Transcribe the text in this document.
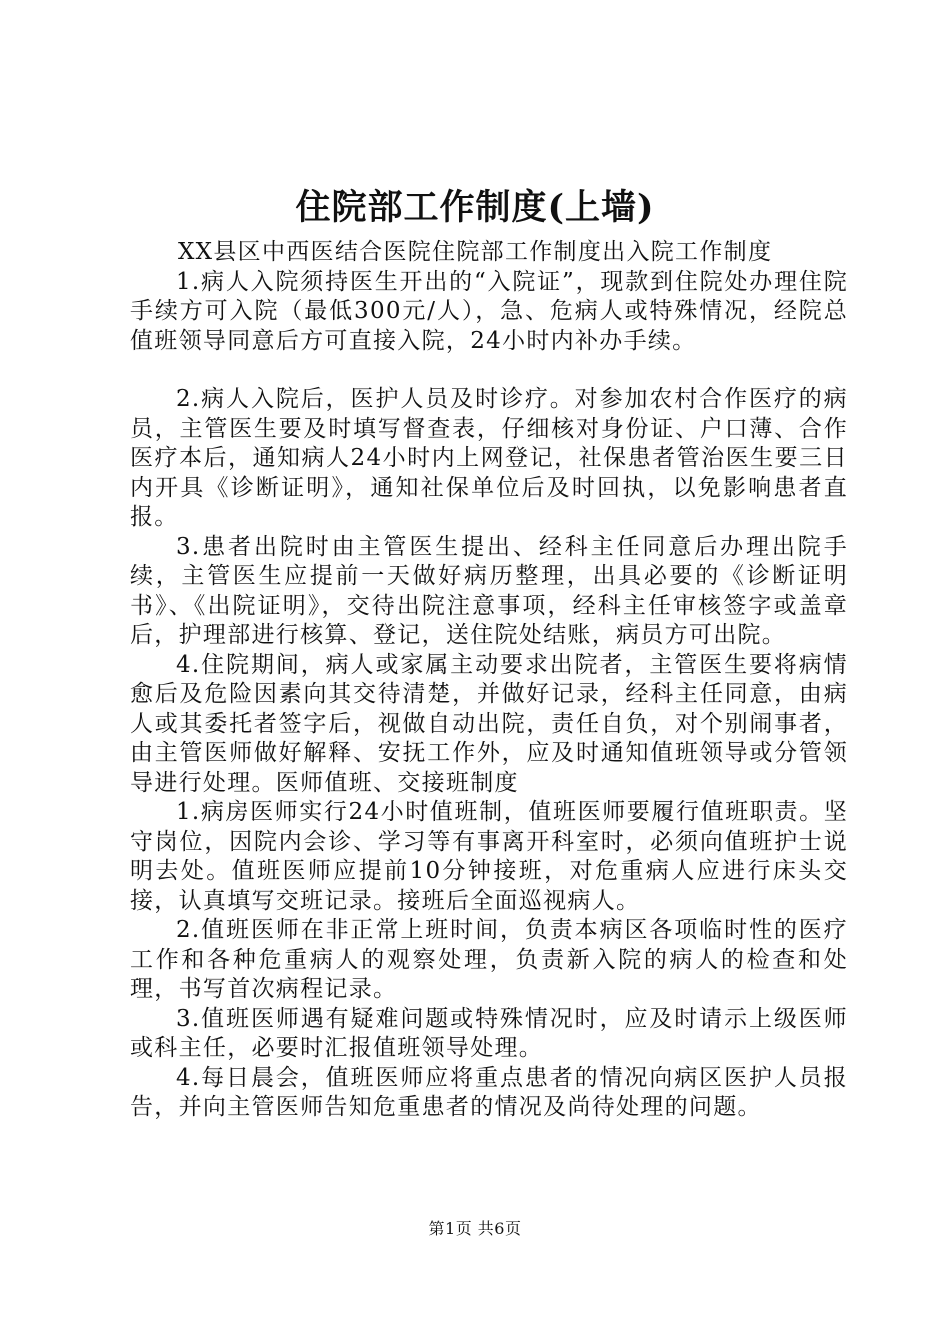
住院部工作制度(上墙)

XX县区中西医结合医院住院部工作制度出入院工作制度

1.病人入院须持医生开出的“入院证”，现款到住院处办理住院手续方可入院（最低300元/人），急、危病人或特殊情况，经院总值班领导同意后方可直接入院，24小时内补办手续。

2.病人入院后，医护人员及时诊疗。对参加农村合作医疗的病员，主管医生要及时填写督查表，仔细核对身份证、户口薄、合作医疗本后，通知病人24小时内上网登记，社保患者管治医生要三日内开具《诊断证明》，通知社保单位后及时回执，以免影响患者直报。

3.患者出院时由主管医生提出、经科主任同意后办理出院手续，主管医生应提前一天做好病历整理，出具必要的《诊断证明书》、《出院证明》，交待出院注意事项，经科主任审核签字或盖章后，护理部进行核算、登记，送住院处结账，病员方可出院。

4.住院期间，病人或家属主动要求出院者，主管医生要将病情愈后及危险因素向其交待清楚，并做好记录，经科主任同意，由病人或其委托者签字后，视做自动出院，责任自负，对个别闹事者，由主管医师做好解释、安抚工作外，应及时通知值班领导或分管领导进行处理。医师值班、交接班制度

1.病房医师实行24小时值班制，值班医师要履行值班职责。坚守岗位，因院内会诊、学习等有事离开科室时，必须向值班护士说明去处。值班医师应提前10分钟接班，对危重病人应进行床头交接，认真填写交班记录。接班后全面巡视病人。

2.值班医师在非正常上班时间，负责本病区各项临时性的医疗工作和各种危重病人的观察处理，负责新入院的病人的检查和处理，书写首次病程记录。

3.值班医师遇有疑难问题或特殊情况时，应及时请示上级医师或科主任，必要时汇报值班领导处理。

4.每日晨会，值班医师应将重点患者的情况向病区医护人员报告，并向主管医师告知危重患者的情况及尚待处理的问题。

第1页 共6页
